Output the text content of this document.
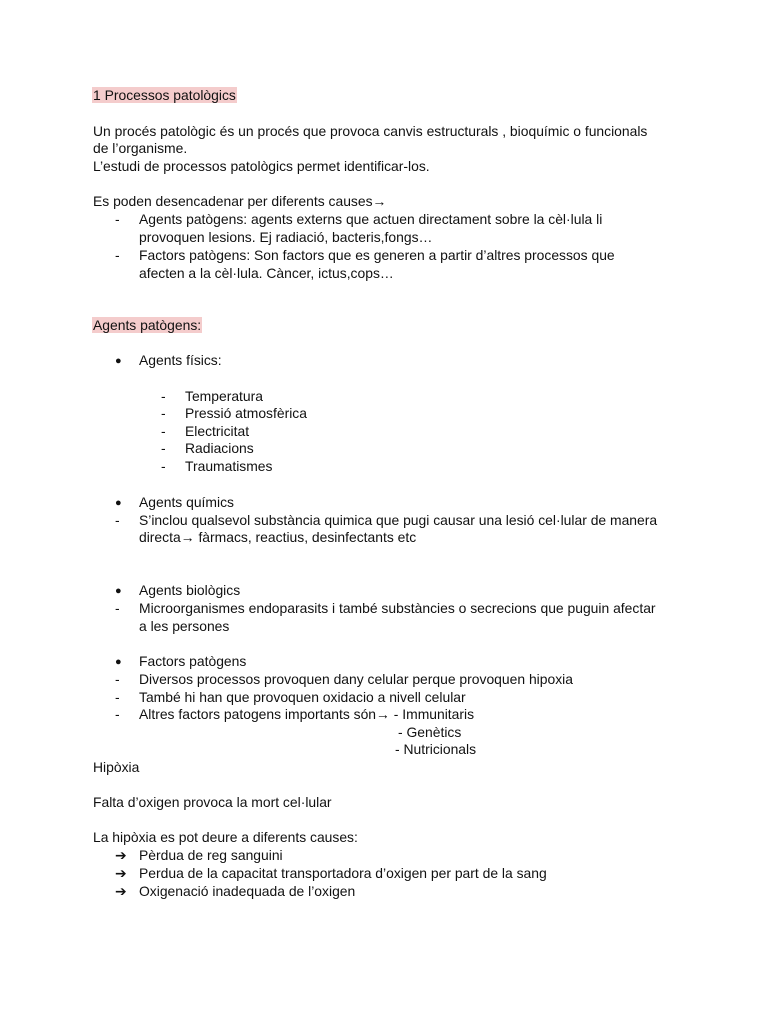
1 Processos patològics
Un procés patològic és un procés que provoca canvis estructurals , bioquímic o funcionals
de l’organisme.
L’estudi de processos patològics permet identificar-los.
Es poden desencadenar per diferents causes→
- Agents patògens: agents externs que actuen directament sobre la cèl·lula li
provoquen lesions. Ej radiació, bacteris,fongs…
- Factors patògens: Son factors que es generen a partir d’altres processos que
afecten a la cèl·lula. Càncer, ictus,cops…
Agents patògens:
● Agents físics:
- Temperatura
- Pressió atmosfèrica
- Electricitat
- Radiacions
- Traumatismes
● Agents químics
- S’inclou qualsevol substància quimica que pugi causar una lesió cel·lular de manera
directa→ fàrmacs, reactius, desinfectants etc
● Agents biològics
- Microorganismes endoparasits i també substàncies o secrecions que puguin afectar
a les persones
● Factors patògens
- Diversos processos provoquen dany celular perque provoquen hipoxia
- També hi han que provoquen oxidacio a nivell celular
- Altres factors patogens importants són→ - Immunitaris
- Genètics
- Nutricionals
Hipòxia
Falta d’oxigen provoca la mort cel·lular
La hipòxia es pot deure a diferents causes:
➔ Pèrdua de reg sanguini
➔ Perdua de la capacitat transportadora d’oxigen per part de la sang
➔ Oxigenació inadequada de l’oxigen
